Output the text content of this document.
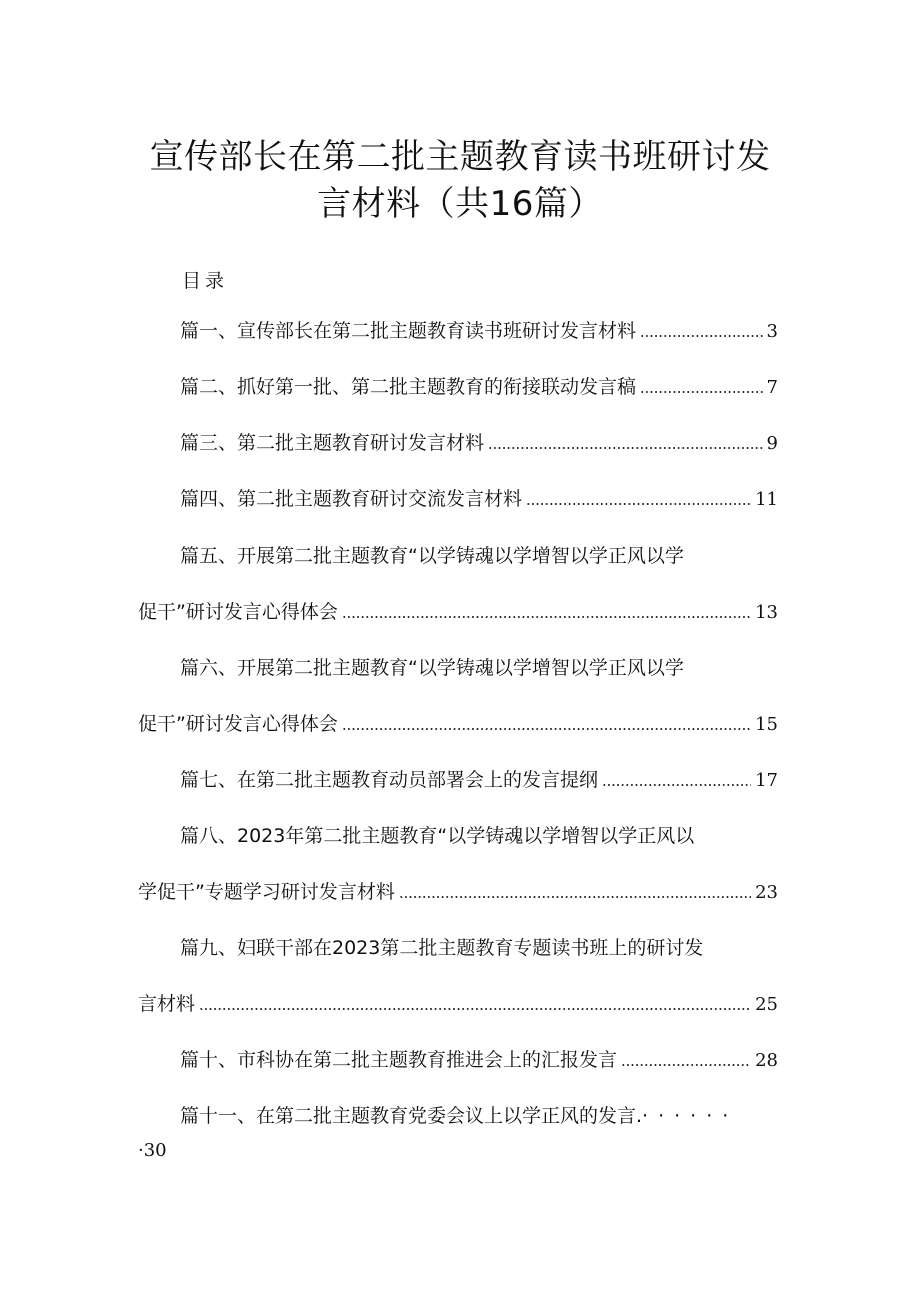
宣传部长在第二批主题教育读书班研讨发
言材料（共16篇）
目录
篇一、宣传部长在第二批主题教育读书班研讨发言材料	3
篇二、抓好第一批、第二批主题教育的衔接联动发言稿	7
篇三、第二批主题教育研讨发言材料	9
篇四、第二批主题教育研讨交流发言材料	11
篇五、开展第二批主题教育“以学铸魂以学增智以学正风以学
促干”研讨发言心得体会	13
篇六、开展第二批主题教育“以学铸魂以学增智以学正风以学
促干”研讨发言心得体会	15
篇七、在第二批主题教育动员部署会上的发言提纲	17
篇八、2023年第二批主题教育“以学铸魂以学增智以学正风以
学促干”专题学习研讨发言材料	23
篇九、妇联干部在2023第二批主题教育专题读书班上的研讨发
言材料	25
篇十、市科协在第二批主题教育推进会上的汇报发言	28
篇十一、在第二批主题教育党委会议上以学正风的发言.······
·30
